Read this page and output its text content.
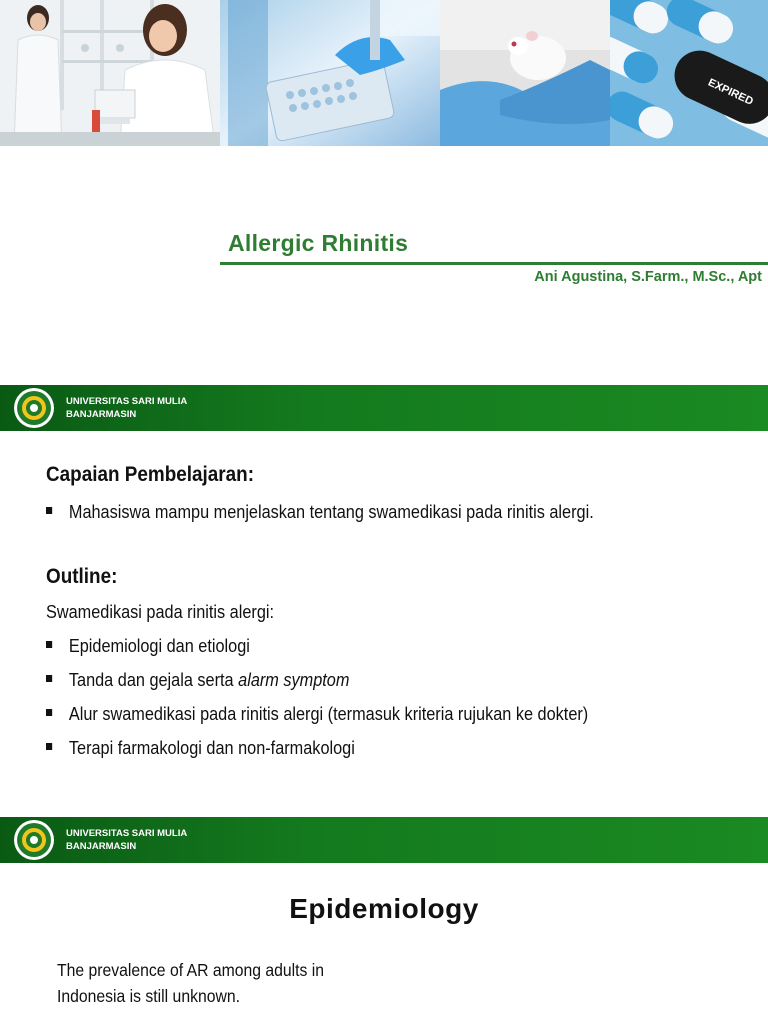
EXPIRED
Allergic Rhinitis
Ani Agustina, S.Farm., M.Sc., Apt
UNIVERSITAS SARI MULIA
BANJARMASIN
Capaian Pembelajaran:
Mahasiswa mampu menjelaskan tentang swamedikasi pada rinitis alergi.
Outline:
Swamedikasi pada rinitis alergi:
Epidemiologi dan etiologi
Tanda dan gejala serta alarm symptom
Alur swamedikasi pada rinitis alergi (termasuk kriteria rujukan ke dokter)
Terapi farmakologi dan non-farmakologi
UNIVERSITAS SARI MULIA
BANJARMASIN
Epidemiology
The prevalence of AR among adults in
Indonesia is still unknown.
